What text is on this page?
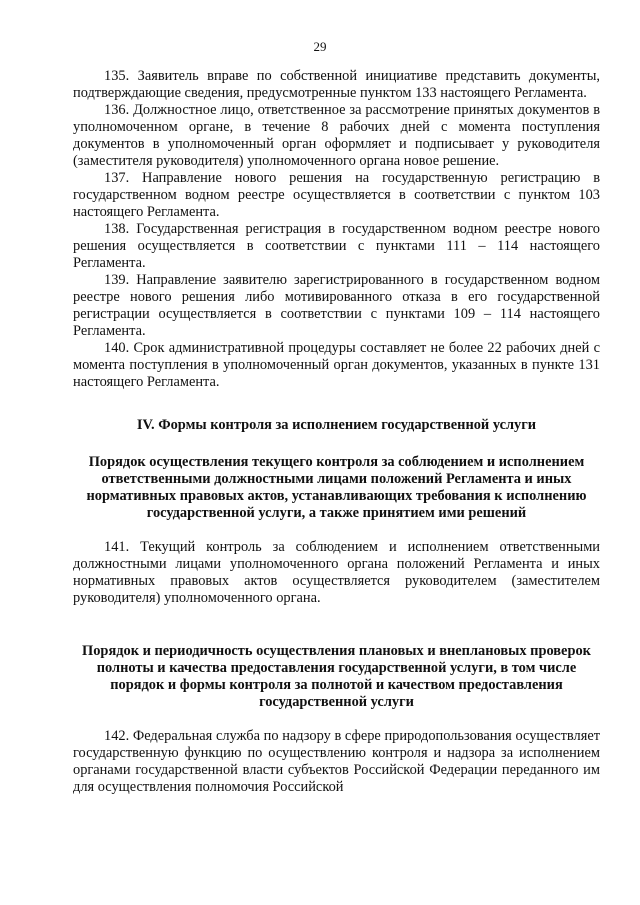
29

135. Заявитель вправе по собственной инициативе представить документы, подтверждающие сведения, предусмотренные пунктом 133 настоящего Регламента.

136. Должностное лицо, ответственное за рассмотрение принятых документов в уполномоченном органе, в течение 8 рабочих дней с момента поступления документов в уполномоченный орган оформляет и подписывает у руководителя (заместителя руководителя) уполномоченного органа новое решение.

137. Направление нового решения на государственную регистрацию в государственном водном реестре осуществляется в соответствии с пунктом 103 настоящего Регламента.

138. Государственная регистрация в государственном водном реестре нового решения осуществляется в соответствии с пунктами 111 – 114 настоящего Регламента.

139. Направление заявителю зарегистрированного в государственном водном реестре нового решения либо мотивированного отказа в его государственной регистрации осуществляется в соответствии с пунктами 109 – 114 настоящего Регламента.

140. Срок административной процедуры составляет не более 22 рабочих дней с момента поступления в уполномоченный орган документов, указанных в пункте 131 настоящего Регламента.

IV. Формы контроля за исполнением государственной услуги
Порядок осуществления текущего контроля за соблюдением и исполнением ответственными должностными лицами положений Регламента и иных нормативных правовых актов, устанавливающих требования к исполнению государственной услуги, а также принятием ими решений

141. Текущий контроль за соблюдением и исполнением ответственными должностными лицами уполномоченного органа положений Регламента и иных нормативных правовых актов осуществляется руководителем (заместителем руководителя) уполномоченного органа.

Порядок и периодичность осуществления плановых и внеплановых проверок полноты и качества предоставления государственной услуги, в том числе порядок и формы контроля за полнотой и качеством предоставления государственной услуги

142. Федеральная служба по надзору в сфере природопользования осуществляет государственную функцию по осуществлению контроля и надзора за исполнением органами государственной власти субъектов Российской Федерации переданного им для осуществления полномочия Российской
